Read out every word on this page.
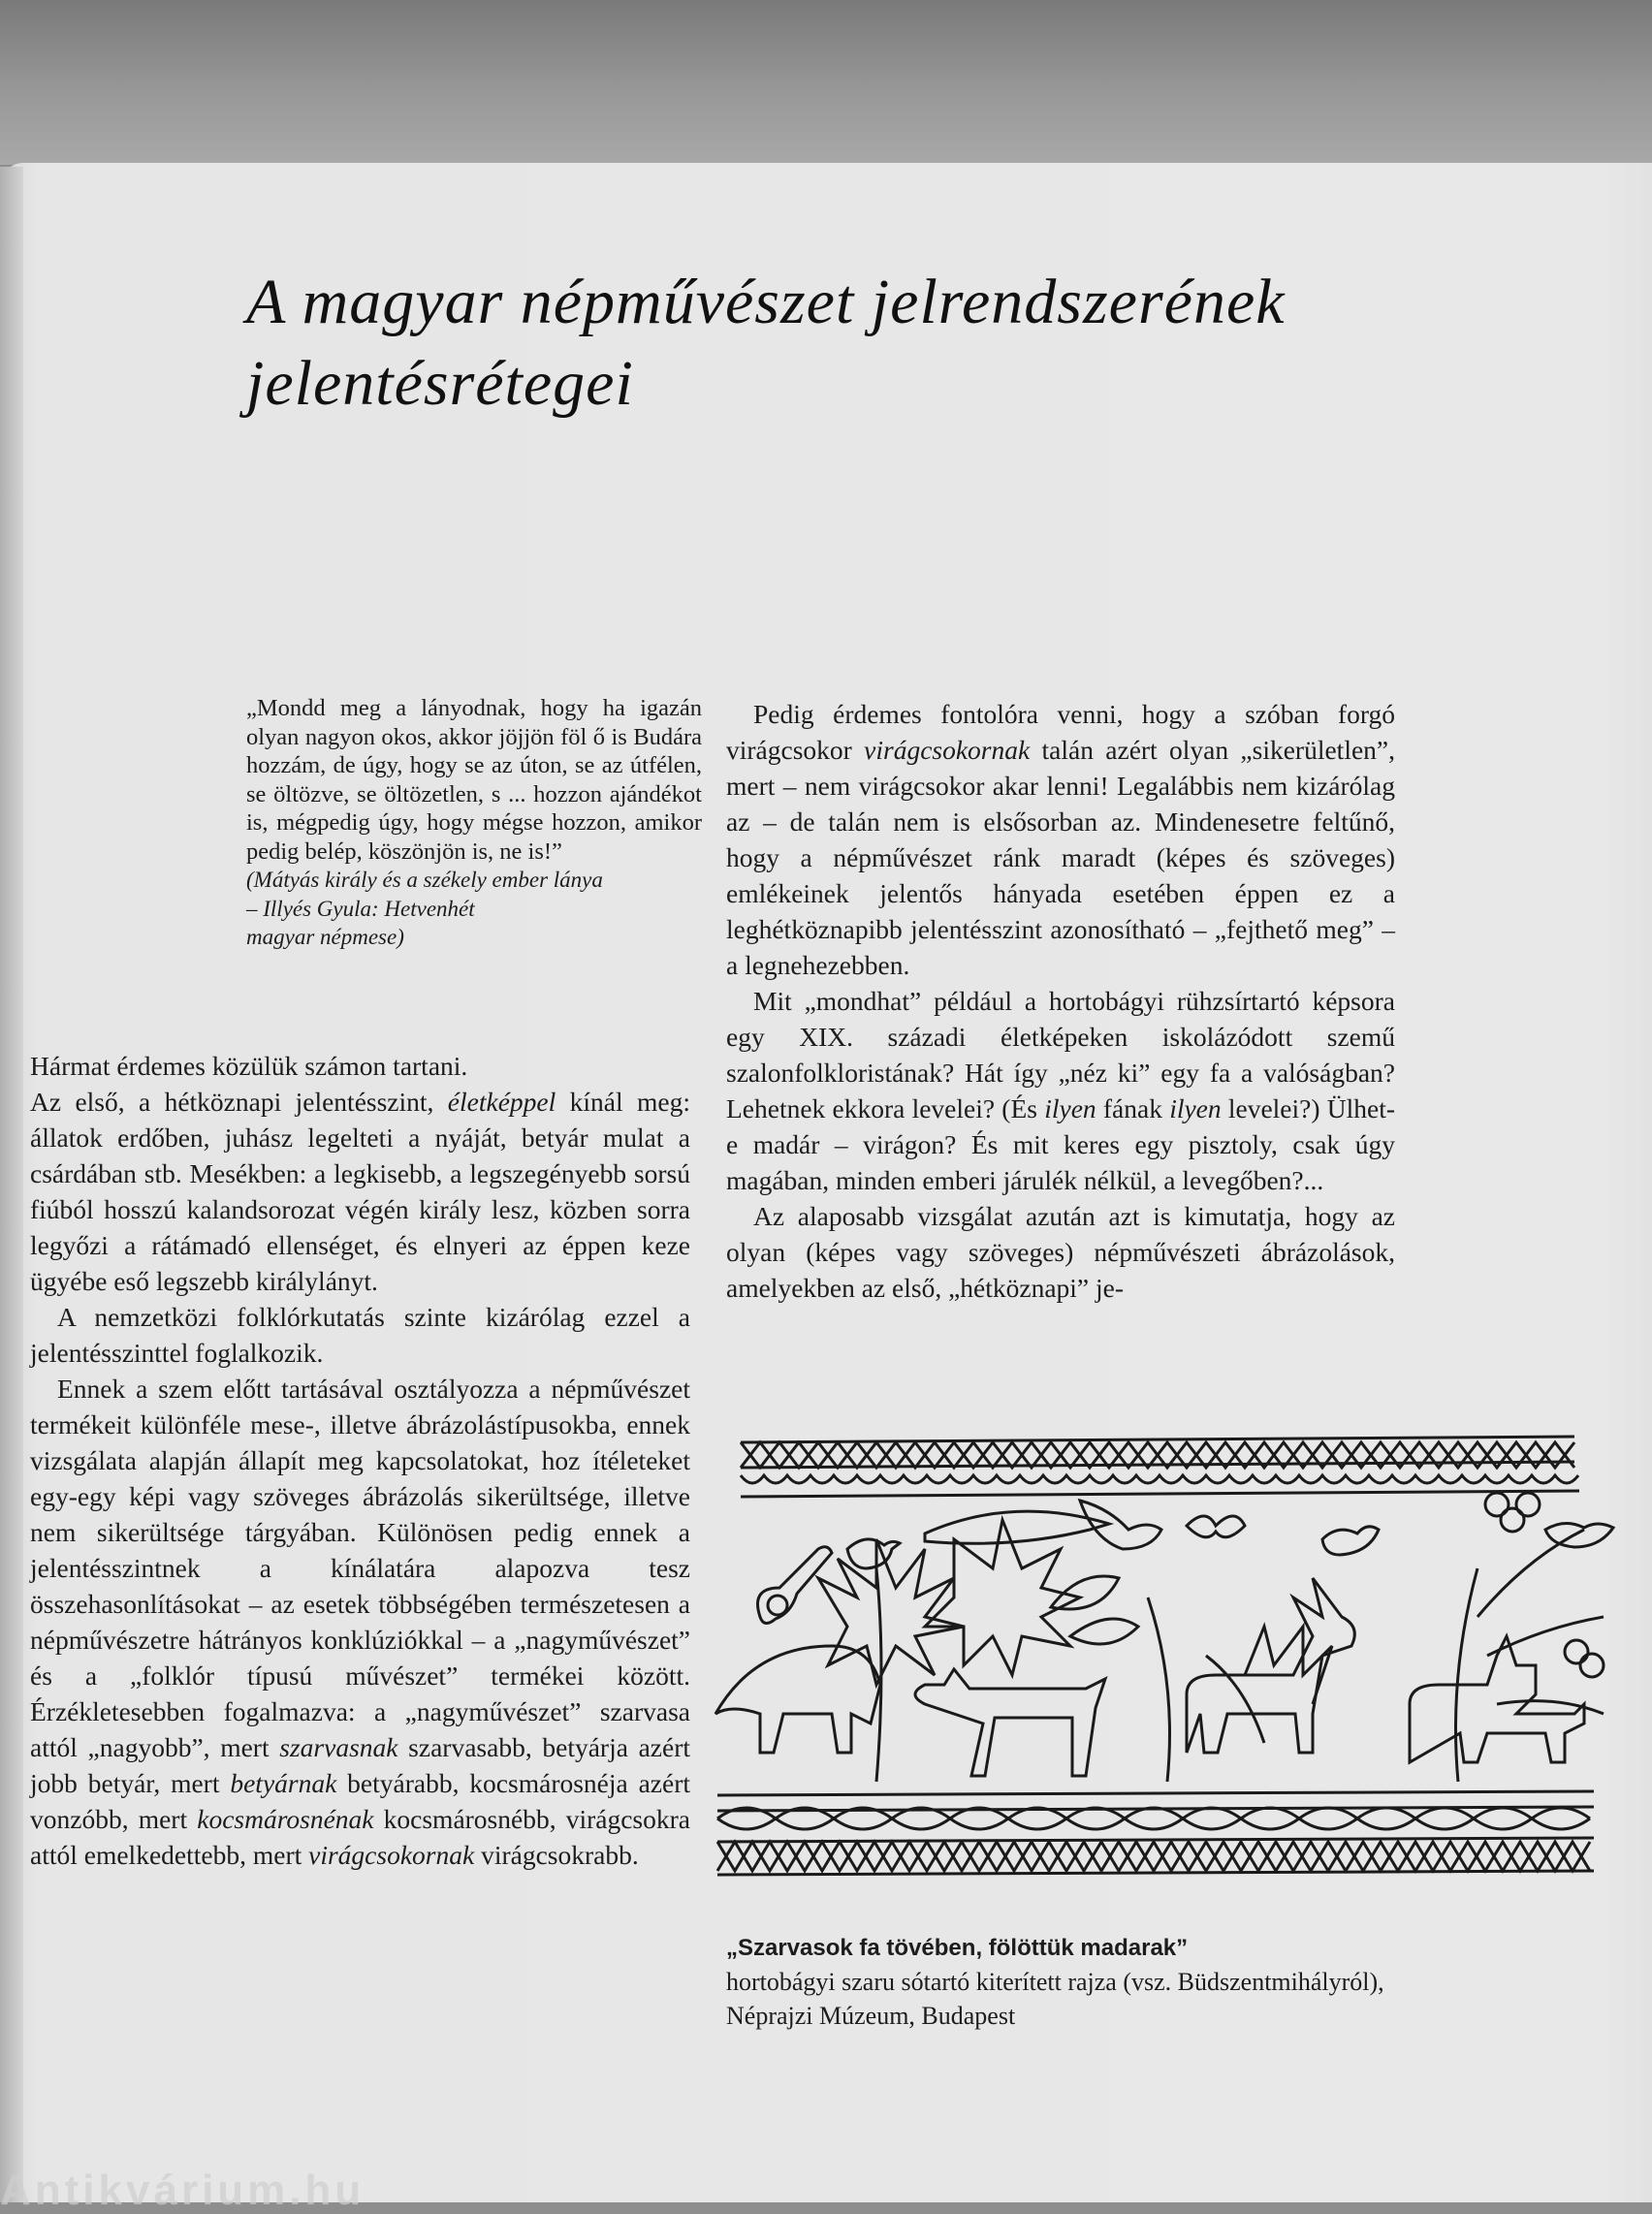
A magyar népművészet jelrendszerének
jelentésrétegei

„Mondd meg a lányodnak, hogy ha igazán olyan nagyon okos, akkor jöjjön föl ő is Budára hozzám, de úgy, hogy se az úton, se az útfélen, se öltözve, se öltözetlen, s ... hozzon ajándékot is, mégpedig úgy, hogy mégse hozzon, amikor pedig belép, köszönjön is, ne is!”

(Mátyás király és a székely ember lánya

– Illyés Gyula: Hetvenhét

magyar népmese)

Hármat érdemes közülük számon tartani.

Az első, a hétköznapi jelentésszint, életképpel kínál meg: állatok erdőben, juhász legelteti a nyáját, betyár mulat a csárdában stb. Mesékben: a legkisebb, a legszegényebb sorsú fiúból hosszú kalandsorozat végén király lesz, közben sorra legyőzi a rátámadó ellenséget, és elnyeri az éppen keze ügyébe eső legszebb királylányt.

A nemzetközi folklórkutatás szinte kizárólag ezzel a jelentésszinttel foglalkozik.

Ennek a szem előtt tartásával osztályozza a népművészet termékeit különféle mese-, illetve ábrázolástípusokba, ennek vizsgálata alapján állapít meg kapcsolatokat, hoz ítéleteket egy-egy képi vagy szöveges ábrázolás sikerültsége, illetve nem sikerültsége tárgyában. Különösen pedig ennek a jelentésszintnek a kínálatára alapozva tesz összehasonlításokat – az esetek többségében természetesen a népművészetre hátrányos konklúziókkal – a „nagyművészet” és a „folklór típusú művészet” termékei között. Érzékletesebben fogalmazva: a „nagyművészet” szarvasa attól „nagyobb”, mert szarvasnak szarvasabb, betyárja azért jobb betyár, mert betyárnak betyárabb, kocsmárosnéja azért vonzóbb, mert kocsmárosnénak kocsmárosnébb, virágcsokra attól emelkedettebb, mert virágcsokornak virágcsokrabb.

Pedig érdemes fontolóra venni, hogy a szóban forgó virágcsokor virágcsokornak talán azért olyan „sikerületlen”, mert – nem virágcsokor akar lenni! Legalábbis nem kizárólag az – de talán nem is elsősorban az. Mindenesetre feltűnő, hogy a népművészet ránk maradt (képes és szöveges) emlékeinek jelentős hányada esetében éppen ez a leghétköznapibb jelentésszint azonosítható – „fejthető meg” – a legnehezebben.

Mit „mondhat” például a hortobágyi rühzsírtartó képsora egy XIX. századi életképeken iskolázódott szemű szalonfolkloristának? Hát így „néz ki” egy fa a valóságban? Lehetnek ekkora levelei? (És ilyen fának ilyen levelei?) Ülhet-e madár – virágon? És mit keres egy pisztoly, csak úgy magában, minden emberi járulék nélkül, a levegőben?...

Az alaposabb vizsgálat azután azt is kimutatja, hogy az olyan (képes vagy szöveges) népművészeti ábrázolások, amelyekben az első, „hétköznapi” je-

„Szarvasok fa tövében, fölöttük madarak”
hortobágyi szaru sótartó kiterített rajza (vsz. Büdszentmihályról),
Néprajzi Múzeum, Budapest
Antikvárium.hu
